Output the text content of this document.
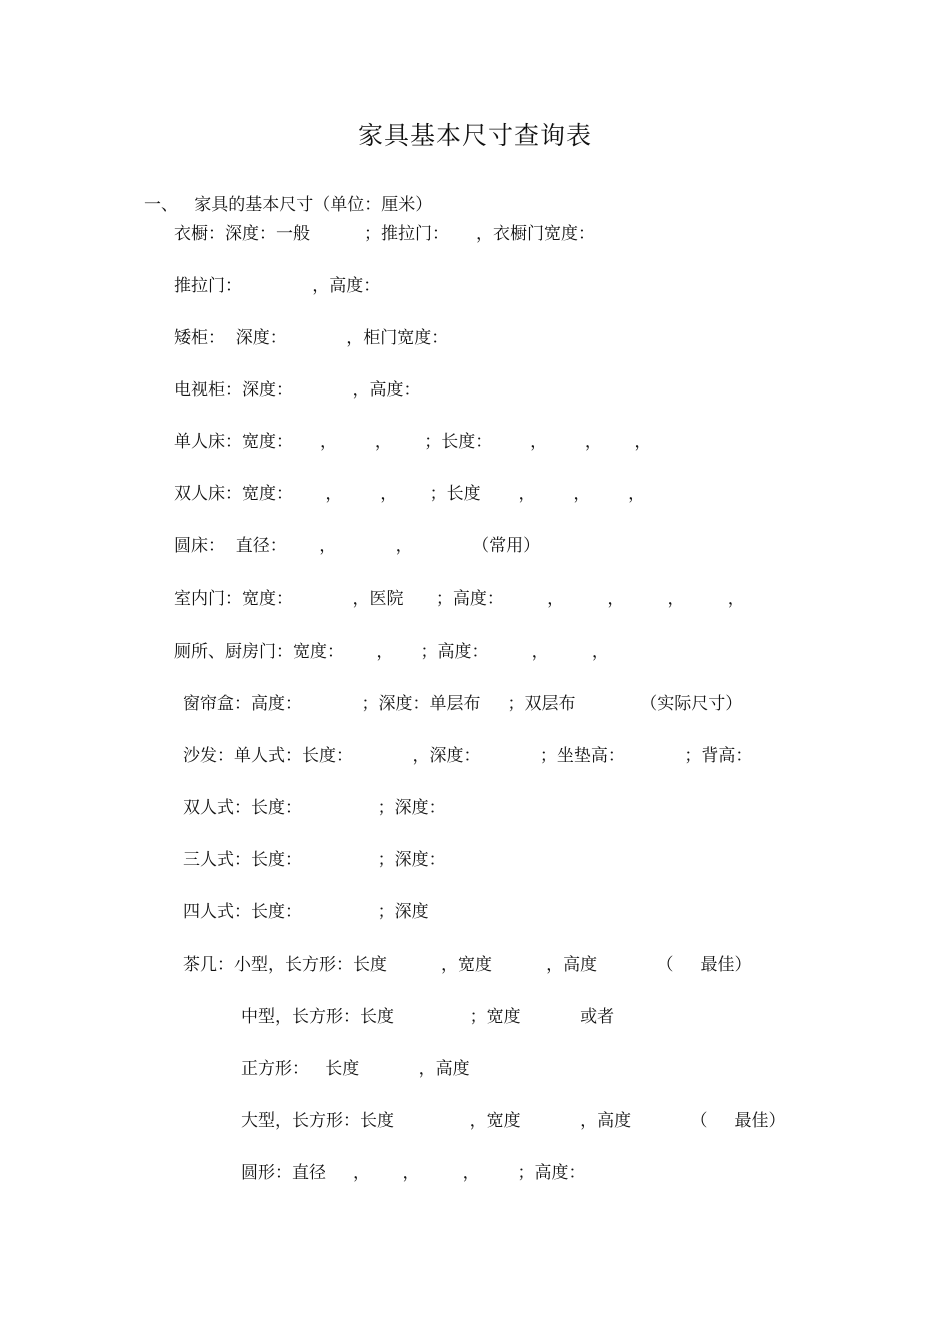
家具基本尺寸查询表
一、   家具的基本尺寸（单位：厘米）
衣橱：深度：一般          ；推拉门：     ，衣橱门宽度：
推拉门：             ，高度：
矮柜：  深度：           ，柜门宽度：
电视柜：深度：           ，高度：
单人床：宽度：     ，       ，      ；长度：       ，       ，      ，
双人床：宽度：      ，       ，      ；长度       ，       ，       ，
圆床：  直径：      ，           ，           （常用）
室内门：宽度：           ，医院      ；高度：        ，        ，        ，        ，
厕所、厨房门：宽度：      ，     ；高度：        ，        ，
窗帘盒：高度：           ；深度：单层布     ；双层布            （实际尺寸）
沙发：单人式：长度：           ，深度：           ；坐垫高：           ；背高：
双人式：长度：              ；深度：
三人式：长度：              ；深度：
四人式：长度：              ；深度
茶几：小型，长方形：长度          ，宽度          ，高度           （     最佳）
中型，长方形：长度              ；宽度           或者
正方形：   长度           ，高度
大型，长方形：长度              ，宽度           ，高度           （     最佳）
圆形：直径     ，      ，        ，       ；高度：
